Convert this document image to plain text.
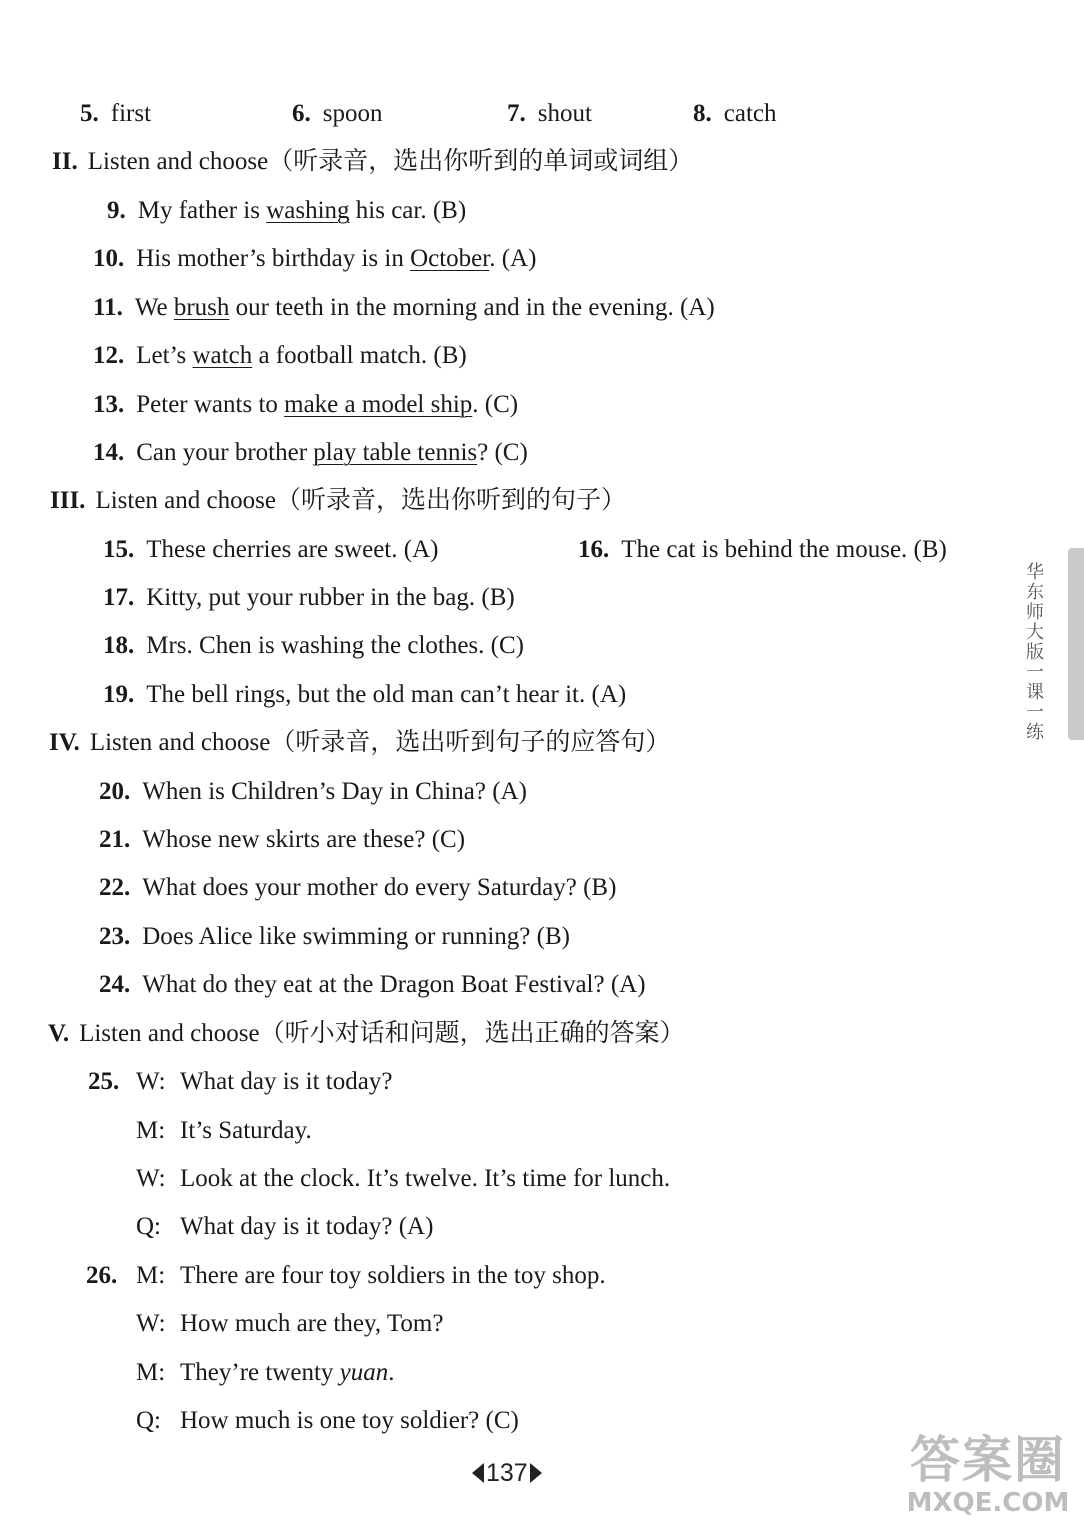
5. first	6. spoon	7. shout	8. catch
II. Listen and choose（听录音，选出你听到的单词或词组）
9. My father is washing his car. (B)
10. His mother’s birthday is in October. (A)
11. We brush our teeth in the morning and in the evening. (A)
12. Let’s watch a football match. (B)
13. Peter wants to make a model ship. (C)
14. Can your brother play table tennis? (C)
III. Listen and choose（听录音，选出你听到的句子）
15. These cherries are sweet. (A)	16. The cat is behind the mouse. (B)
17. Kitty, put your rubber in the bag. (B)
18. Mrs. Chen is washing the clothes. (C)
19. The bell rings, but the old man can’t hear it. (A)
IV. Listen and choose（听录音，选出听到句子的应答句）
20. When is Children’s Day in China? (A)
21. Whose new skirts are these? (C)
22. What does your mother do every Saturday? (B)
23. Does Alice like swimming or running? (B)
24. What do they eat at the Dragon Boat Festival? (A)
V. Listen and choose（听小对话和问题，选出正确的答案）
25. W: What day is it today?
M: It’s Saturday.
W: Look at the clock. It’s twelve. It’s time for lunch.
Q: What day is it today? (A)
26. M: There are four toy soldiers in the toy shop.
W: How much are they, Tom?
M: They’re twenty yuan.
Q: How much is one toy soldier? (C)
华东师大版一课一练
137	答案圈
MXQE.COM
